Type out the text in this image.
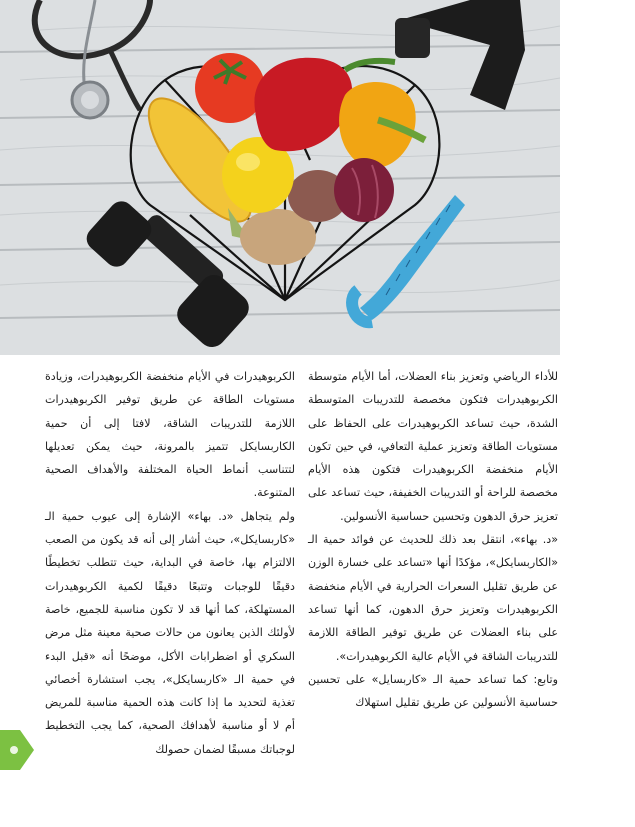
للأداء الرياضي وتعزيز بناء العضلات، أما الأيام متوسطة الكربوهيدرات فتكون مخصصة للتدريبات المتوسطة الشدة، حيث تساعد الكربوهيدرات على الحفاظ على مستويات الطاقة وتعزيز عملية التعافي، في حين تكون الأيام منخفضة الكربوهيدرات فتكون هذه الأيام مخصصة للراحة أو التدريبات الخفيفة، حيث تساعد على تعزيز حرق الدهون وتحسين حساسية الأنسولين.

«د. بهاء»، انتقل بعد ذلك للحديث عن فوائد حمية الـ «الكاربسايكل»، مؤكدًا أنها «تساعد على خسارة الوزن عن طريق تقليل السعرات الحرارية في الأيام منخفضة الكربوهيدرات وتعزيز حرق الدهون، كما أنها تساعد على بناء العضلات عن طريق توفير الطاقة اللازمة للتدريبات الشاقة في الأيام عالية الكربوهيدرات».

وتابع: كما تساعد حمية الـ «كاربسايل» على تحسين حساسية الأنسولين عن طريق تقليل استهلاك

الكربوهيدرات في الأيام منخفضة الكربوهيدرات، وزيادة مستويات الطاقة عن طريق توفير الكربوهيدرات اللازمة للتدريبات الشاقة، لافتا إلى أن حمية الكاربسايكل تتميز بالمرونة، حيث يمكن تعديلها لتتناسب أنماط الحياة المختلفة والأهداف الصحية المتنوعة.

ولم يتجاهل «د. بهاء» الإشارة إلى عيوب حمية الـ «كاربسايكل»، حيث أشار إلى أنه قد يكون من الصعب الالتزام بها، خاصة في البداية، حيث تتطلب تخطيطًا دقيقًا للوجبات وتتبعًا دقيقًا لكمية الكربوهيدرات المستهلكة، كما أنها قد لا تكون مناسبة للجميع، خاصة لأولئك الذين يعانون من حالات صحية معينة مثل مرض السكري أو اضطرابات الأكل، موضحًا أنه «قبل البدء في حمية الـ «كاربسايكل»، يجب استشارة أخصائي تغذية لتحديد ما إذا كانت هذه الحمية مناسبة للمريض أم لا أو مناسبة لأهدافك الصحية، كما يجب التخطيط لوجباتك مسبقًا لضمان حصولك
